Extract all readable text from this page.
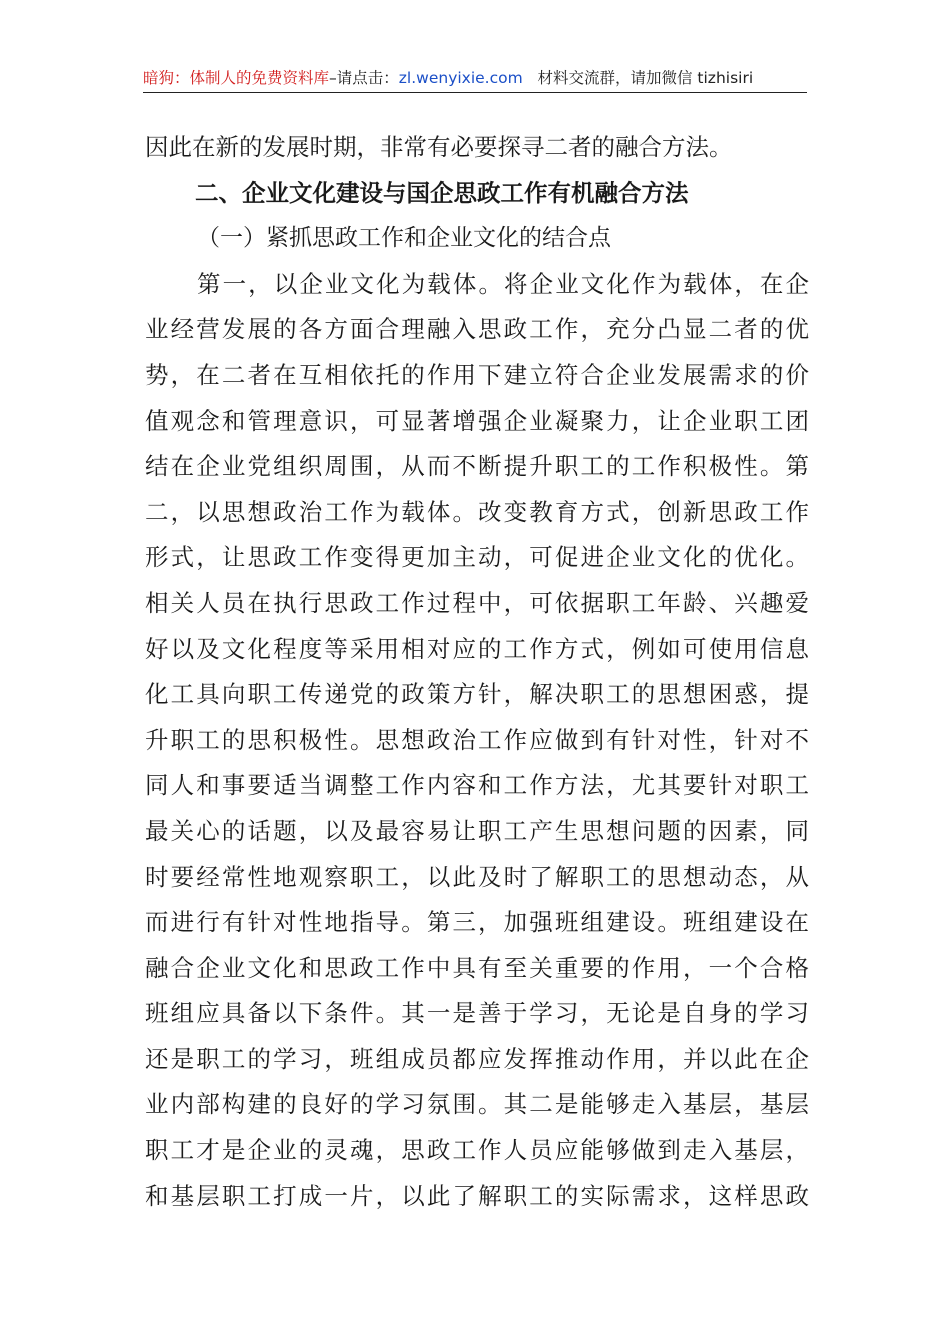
暗狗：体制人的免费资料库–请点击：zl.wenyixie.com 材料交流群，请加微信 tizhisiri
因此在新的发展时期，非常有必要探寻二者的融合方法。
二、企业文化建设与国企思政工作有机融合方法
（一）紧抓思政工作和企业文化的结合点
第一，以企业文化为载体。将企业文化作为载体，在企
业经营发展的各方面合理融入思政工作，充分凸显二者的优
势，在二者在互相依托的作用下建立符合企业发展需求的价
值观念和管理意识，可显著增强企业凝聚力，让企业职工团
结在企业党组织周围，从而不断提升职工的工作积极性。第
二，以思想政治工作为载体。改变教育方式，创新思政工作
形式，让思政工作变得更加主动，可促进企业文化的优化。
相关人员在执行思政工作过程中，可依据职工年龄、兴趣爱
好以及文化程度等采用相对应的工作方式，例如可使用信息
化工具向职工传递党的政策方针，解决职工的思想困惑，提
升职工的思积极性。思想政治工作应做到有针对性，针对不
同人和事要适当调整工作内容和工作方法，尤其要针对职工
最关心的话题，以及最容易让职工产生思想问题的因素，同
时要经常性地观察职工，以此及时了解职工的思想动态，从
而进行有针对性地指导。第三，加强班组建设。班组建设在
融合企业文化和思政工作中具有至关重要的作用，一个合格
班组应具备以下条件。其一是善于学习，无论是自身的学习
还是职工的学习，班组成员都应发挥推动作用，并以此在企
业内部构建的良好的学习氛围。其二是能够走入基层，基层
职工才是企业的灵魂，思政工作人员应能够做到走入基层，
和基层职工打成一片，以此了解职工的实际需求，这样思政
